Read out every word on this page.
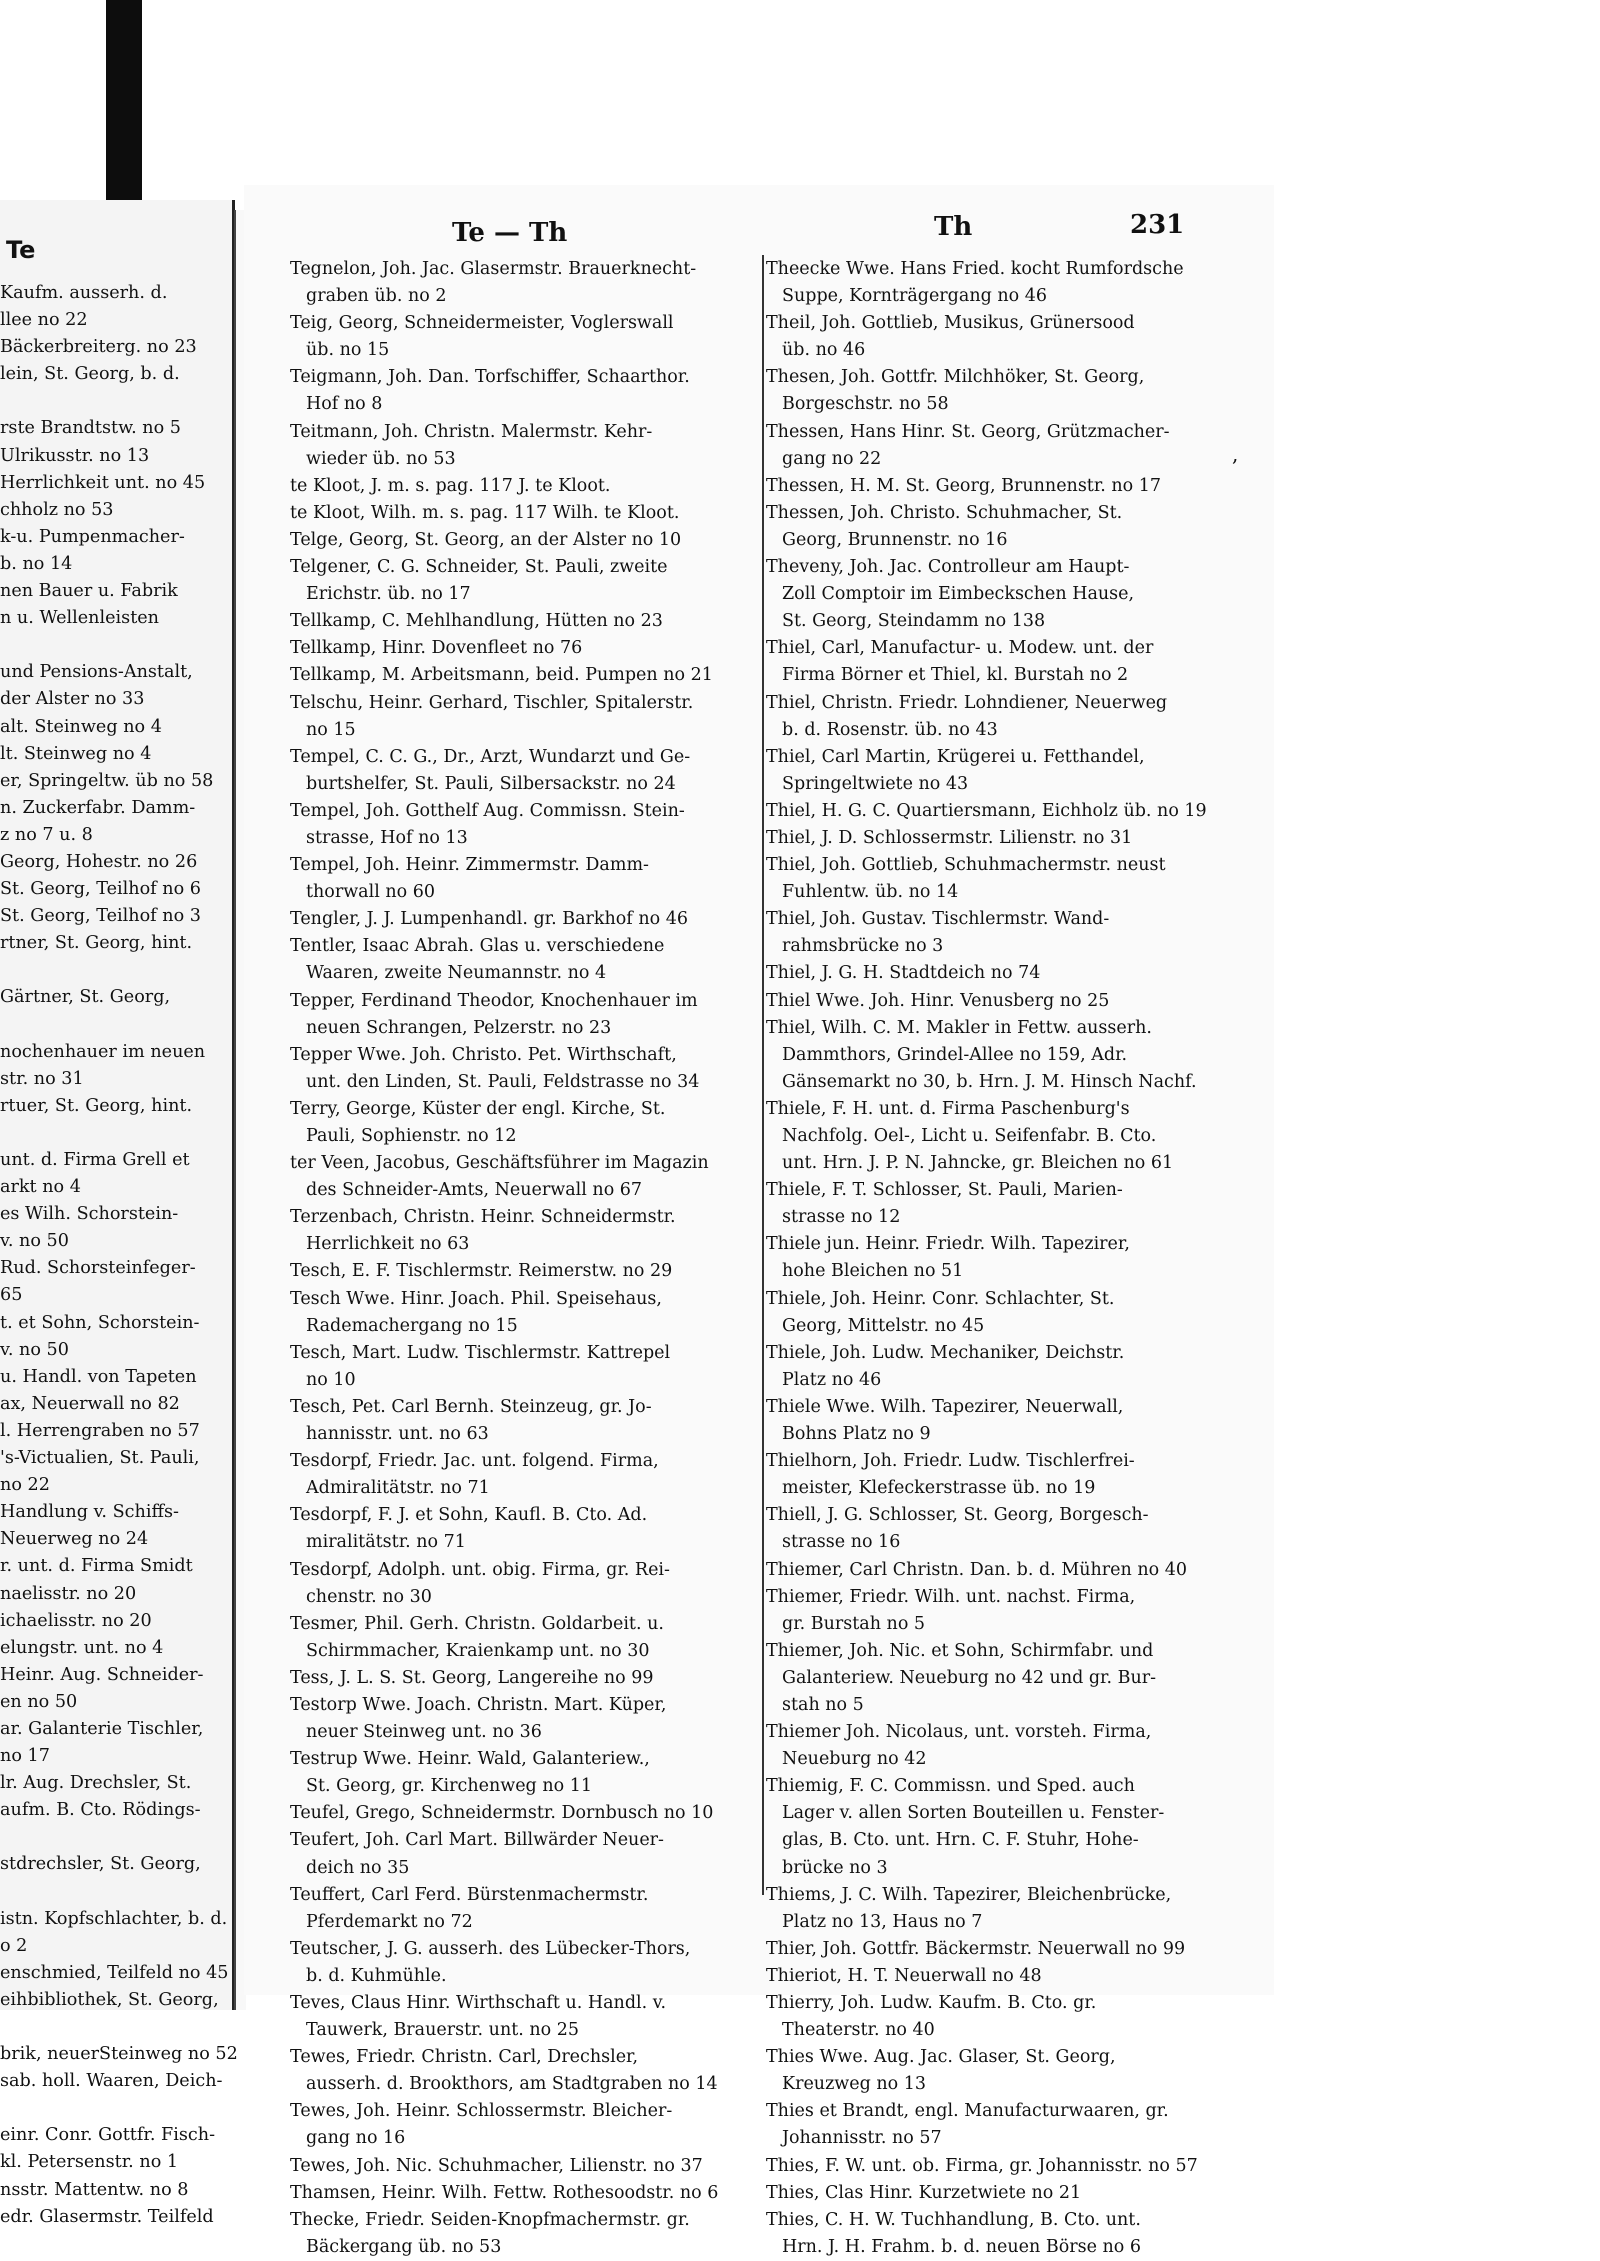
Te
Kaufm. ausserh. d.
llee no 22
Bäckerbreiterg. no 23
lein, St. Georg, b. d.

rste Brandtstw. no 5
Ulrikusstr. no 13
Herrlichkeit unt. no 45
chholz no 53
k-u. Pumpenmacher-
b. no 14
nen Bauer u. Fabrik
n u. Wellenleisten

und Pensions-Anstalt,
der Alster no 33
alt. Steinweg no 4
lt. Steinweg no 4
er, Springeltw. üb no 58
n. Zuckerfabr. Damm-
z no 7 u. 8
Georg, Hohestr. no 26
St. Georg, Teilhof no 6
St. Georg, Teilhof no 3
rtner, St. Georg, hint.

Gärtner, St. Georg,

nochenhauer im neuen
str. no 31
rtuer, St. Georg, hint.

unt. d. Firma Grell et
arkt no 4
es Wilh. Schorstein-
v. no 50
Rud. Schorsteinfeger-
65
t. et Sohn, Schorstein-
v. no 50
u. Handl. von Tapeten
ax, Neuerwall no 82
l. Herrengraben no 57
's-Victualien, St. Pauli,
no 22
Handlung v. Schiffs-
Neuerweg no 24
r. unt. d. Firma Smidt
naelisstr. no 20
ichaelisstr. no 20
elungstr. unt. no 4
Heinr. Aug. Schneider-
en no 50
ar. Galanterie Tischler,
no 17
lr. Aug. Drechsler, St.
aufm. B. Cto. Rödings-

stdrechsler, St. Georg,

istn. Kopfschlachter, b. d.
o 2
enschmied, Teilfeld no 45
eihbibliothek, St. Georg,

brik, neuerSteinweg no 52
sab. holl. Waaren, Deich-

einr. Conr. Gottfr. Fisch-
kl. Petersenstr. no 1
nsstr. Mattentw. no 8
edr. Glasermstr. Teilfeld
Te — Th	Th	231
Tegnelon, Joh. Jac. Glasermstr. Brauerknecht-
graben üb. no 2
Teig, Georg, Schneidermeister, Voglerswall
üb. no 15
Teigmann, Joh. Dan. Torfschiffer, Schaarthor.
Hof no 8
Teitmann, Joh. Christn. Malermstr. Kehr-
wieder üb. no 53
te Kloot, J. m. s. pag. 117 J. te Kloot.
te Kloot, Wilh. m. s. pag. 117 Wilh. te Kloot.
Telge, Georg, St. Georg, an der Alster no 10
Telgener, C. G. Schneider, St. Pauli, zweite
Erichstr. üb. no 17
Tellkamp, C. Mehlhandlung, Hütten no 23
Tellkamp, Hinr. Dovenfleet no 76
Tellkamp, M. Arbeitsmann, beid. Pumpen no 21
Telschu, Heinr. Gerhard, Tischler, Spitalerstr.
no 15
Tempel, C. C. G., Dr., Arzt, Wundarzt und Ge-
burtshelfer, St. Pauli, Silbersackstr. no 24
Tempel, Joh. Gotthelf Aug. Commissn. Stein-
strasse, Hof no 13
Tempel, Joh. Heinr. Zimmermstr. Damm-
thorwall no 60
Tengler, J. J. Lumpenhandl. gr. Barkhof no 46
Tentler, Isaac Abrah. Glas u. verschiedene
Waaren, zweite Neumannstr. no 4
Tepper, Ferdinand Theodor, Knochenhauer im
neuen Schrangen, Pelzerstr. no 23
Tepper Wwe. Joh. Christo. Pet. Wirthschaft,
unt. den Linden, St. Pauli, Feldstrasse no 34
Terry, George, Küster der engl. Kirche, St.
Pauli, Sophienstr. no 12
ter Veen, Jacobus, Geschäftsführer im Magazin
des Schneider-Amts, Neuerwall no 67
Terzenbach, Christn. Heinr. Schneidermstr.
Herrlichkeit no 63
Tesch, E. F. Tischlermstr. Reimerstw. no 29
Tesch Wwe. Hinr. Joach. Phil. Speisehaus,
Rademachergang no 15
Tesch, Mart. Ludw. Tischlermstr. Kattrepel
no 10
Tesch, Pet. Carl Bernh. Steinzeug, gr. Jo-
hannisstr. unt. no 63
Tesdorpf, Friedr. Jac. unt. folgend. Firma,
Admiralitätstr. no 71
Tesdorpf, F. J. et Sohn, Kaufl. B. Cto. Ad.
miralitätstr. no 71
Tesdorpf, Adolph. unt. obig. Firma, gr. Rei-
chenstr. no 30
Tesmer, Phil. Gerh. Christn. Goldarbeit. u.
Schirmmacher, Kraienkamp unt. no 30
Tess, J. L. S. St. Georg, Langereihe no 99
Testorp Wwe. Joach. Christn. Mart. Küper,
neuer Steinweg unt. no 36
Testrup Wwe. Heinr. Wald, Galanteriew.,
St. Georg, gr. Kirchenweg no 11
Teufel, Grego, Schneidermstr. Dornbusch no 10
Teufert, Joh. Carl Mart. Billwärder Neuer-
deich no 35
Teuffert, Carl Ferd. Bürstenmachermstr.
Pferdemarkt no 72
Teutscher, J. G. ausserh. des Lübecker-Thors,
b. d. Kuhmühle.
Teves, Claus Hinr. Wirthschaft u. Handl. v.
Tauwerk, Brauerstr. unt. no 25
Tewes, Friedr. Christn. Carl, Drechsler,
ausserh. d. Brookthors, am Stadtgraben no 14
Tewes, Joh. Heinr. Schlossermstr. Bleicher-
gang no 16
Tewes, Joh. Nic. Schuhmacher, Lilienstr. no 37
Thamsen, Heinr. Wilh. Fettw. Rothesoodstr. no 6
Thecke, Friedr. Seiden-Knopfmachermstr. gr.
Bäckergang üb. no 53
Theecke Wwe. Hans Fried. kocht Rumfordsche
Suppe, Kornträgergang no 46
Theil, Joh. Gottlieb, Musikus, Grünersood
üb. no 46
Thesen, Joh. Gottfr. Milchhöker, St. Georg,
Borgeschstr. no 58
Thessen, Hans Hinr. St. Georg, Grützmacher-
gang no 22
Thessen, H. M. St. Georg, Brunnenstr. no 17
Thessen, Joh. Christo. Schuhmacher, St.
Georg, Brunnenstr. no 16
Theveny, Joh. Jac. Controlleur am Haupt-
Zoll Comptoir im Eimbeckschen Hause,
St. Georg, Steindamm no 138
Thiel, Carl, Manufactur- u. Modew. unt. der
Firma Börner et Thiel, kl. Burstah no 2
Thiel, Christn. Friedr. Lohndiener, Neuerweg
b. d. Rosenstr. üb. no 43
Thiel, Carl Martin, Krügerei u. Fetthandel,
Springeltwiete no 43
Thiel, H. G. C. Quartiersmann, Eichholz üb. no 19
Thiel, J. D. Schlossermstr. Lilienstr. no 31
Thiel, Joh. Gottlieb, Schuhmachermstr. neust
Fuhlentw. üb. no 14
Thiel, Joh. Gustav. Tischlermstr. Wand-
rahmsbrücke no 3
Thiel, J. G. H. Stadtdeich no 74
Thiel Wwe. Joh. Hinr. Venusberg no 25
Thiel, Wilh. C. M. Makler in Fettw. ausserh.
Dammthors, Grindel-Allee no 159, Adr.
Gänsemarkt no 30, b. Hrn. J. M. Hinsch Nachf.
Thiele, F. H. unt. d. Firma Paschenburg's
Nachfolg. Oel-, Licht u. Seifenfabr. B. Cto.
unt. Hrn. J. P. N. Jahncke, gr. Bleichen no 61
Thiele, F. T. Schlosser, St. Pauli, Marien-
strasse no 12
Thiele jun. Heinr. Friedr. Wilh. Tapezirer,
hohe Bleichen no 51
Thiele, Joh. Heinr. Conr. Schlachter, St.
Georg, Mittelstr. no 45
Thiele, Joh. Ludw. Mechaniker, Deichstr.
Platz no 46
Thiele Wwe. Wilh. Tapezirer, Neuerwall,
Bohns Platz no 9
Thielhorn, Joh. Friedr. Ludw. Tischlerfrei-
meister, Klefeckerstrasse üb. no 19
Thiell, J. G. Schlosser, St. Georg, Borgesch-
strasse no 16
Thiemer, Carl Christn. Dan. b. d. Mühren no 40
Thiemer, Friedr. Wilh. unt. nachst. Firma,
gr. Burstah no 5
Thiemer, Joh. Nic. et Sohn, Schirmfabr. und
Galanteriew. Neueburg no 42 und gr. Bur-
stah no 5
Thiemer Joh. Nicolaus, unt. vorsteh. Firma,
Neueburg no 42
Thiemig, F. C. Commissn. und Sped. auch
Lager v. allen Sorten Bouteillen u. Fenster-
glas, B. Cto. unt. Hrn. C. F. Stuhr, Hohe-
brücke no 3
Thiems, J. C. Wilh. Tapezirer, Bleichenbrücke,
Platz no 13, Haus no 7
Thier, Joh. Gottfr. Bäckermstr. Neuerwall no 99
Thieriot, H. T. Neuerwall no 48
Thierry, Joh. Ludw. Kaufm. B. Cto. gr.
Theaterstr. no 40
Thies Wwe. Aug. Jac. Glaser, St. Georg,
Kreuzweg no 13
Thies et Brandt, engl. Manufacturwaaren, gr.
Johannisstr. no 57
Thies, F. W. unt. ob. Firma, gr. Johannisstr. no 57
Thies, Clas Hinr. Kurzetwiete no 21
Thies, C. H. W. Tuchhandlung, B. Cto. unt.
Hrn. J. H. Frahm. b. d. neuen Börse no 6
,
